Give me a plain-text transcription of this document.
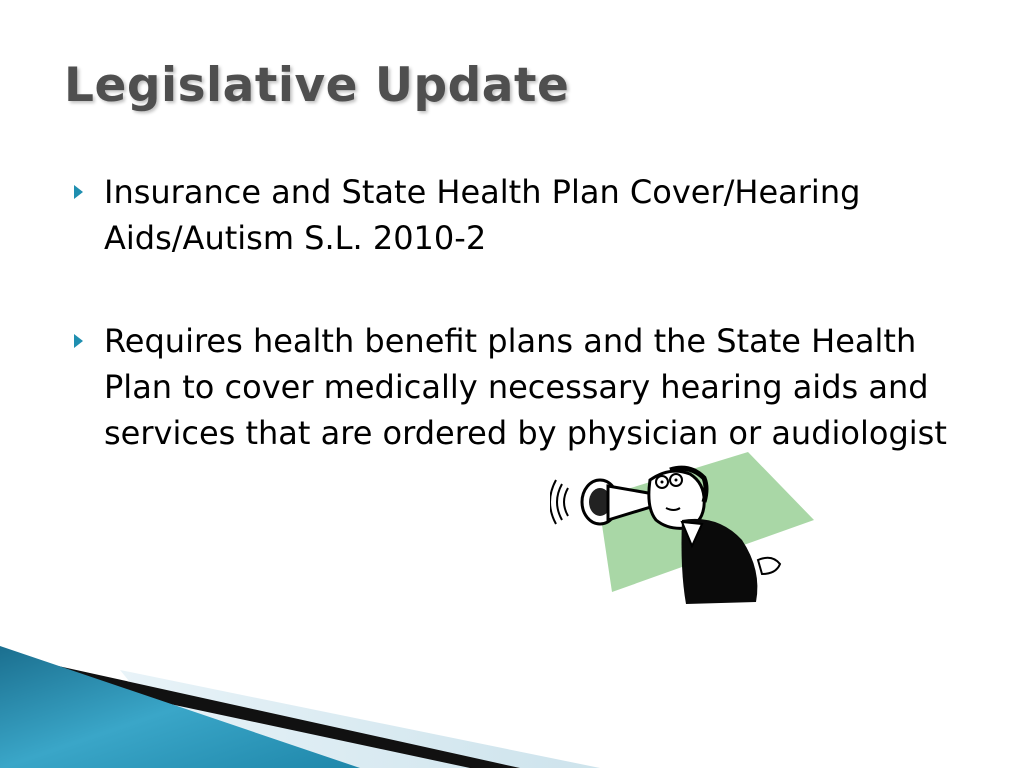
Legislative Update
Insurance and State Health Plan Cover/Hearing Aids/Autism S.L. 2010-2
Requires health benefit plans and the State Health Plan to cover medically necessary hearing aids and services that are ordered by physician or audiologist
